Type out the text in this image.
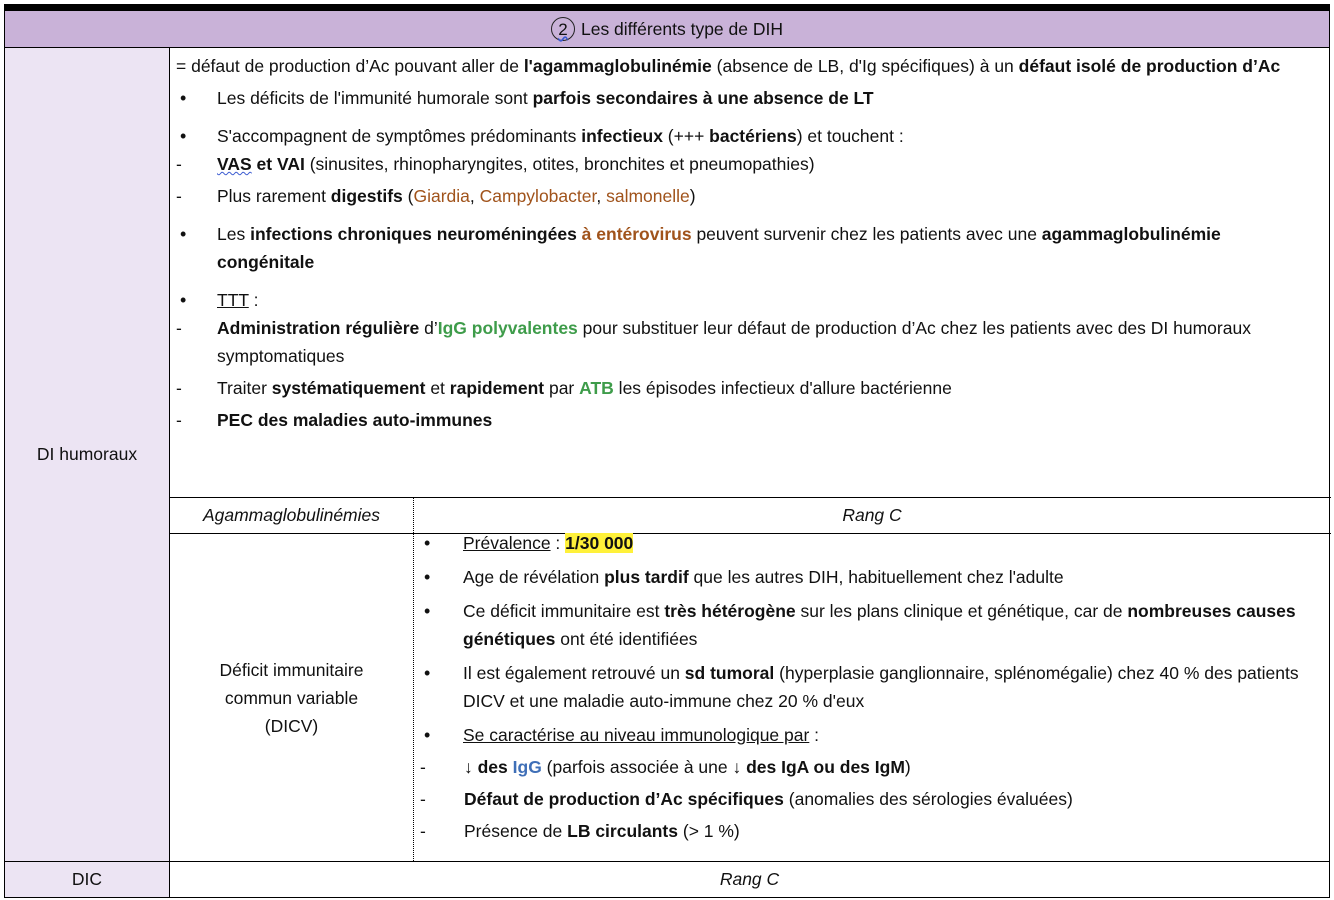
2 Les différents type de DIH
DI humoraux
Agammaglobulinémies	Rang C
Déficit immunitaire
commun variable
(DICV)
DIC	Rang C

= défaut de production d’Ac pouvant aller de l'agammaglobulinémie (absence de LB, d'Ig spécifiques) à un défaut isolé de production d’Ac

• Les déficits de l'immunité humorale sont parfois secondaires à une absence de LT
• S'accompagnent de symptômes prédominants infectieux (+++ bactériens) et touchent :
- VAS et VAI (sinusites, rhinopharyngites, otites, bronchites et pneumopathies)
- Plus rarement digestifs (Giardia, Campylobacter, salmonelle)
• Les infections chroniques neuroméningées à entérovirus peuvent survenir chez les patients avec une agammaglobulinémie congénitale
• TTT :
- Administration régulière d’IgG polyvalentes pour substituer leur défaut de production d’Ac chez les patients avec des DI humoraux symptomatiques
- Traiter systématiquement et rapidement par ATB les épisodes infectieux d'allure bactérienne
- PEC des maladies auto-immunes
• Prévalence : 1/30 000
• Age de révélation plus tardif que les autres DIH, habituellement chez l'adulte
• Ce déficit immunitaire est très hétérogène sur les plans clinique et génétique, car de nombreuses causes génétiques ont été identifiées
• Il est également retrouvé un sd tumoral (hyperplasie ganglionnaire, splénomégalie) chez 40 % des patients DICV et une maladie auto-immune chez 20 % d'eux
• Se caractérise au niveau immunologique par :
- ↓ des IgG (parfois associée à une ↓ des IgA ou des IgM)
- Défaut de production d’Ac spécifiques (anomalies des sérologies évaluées)
- Présence de LB circulants (> 1 %)
